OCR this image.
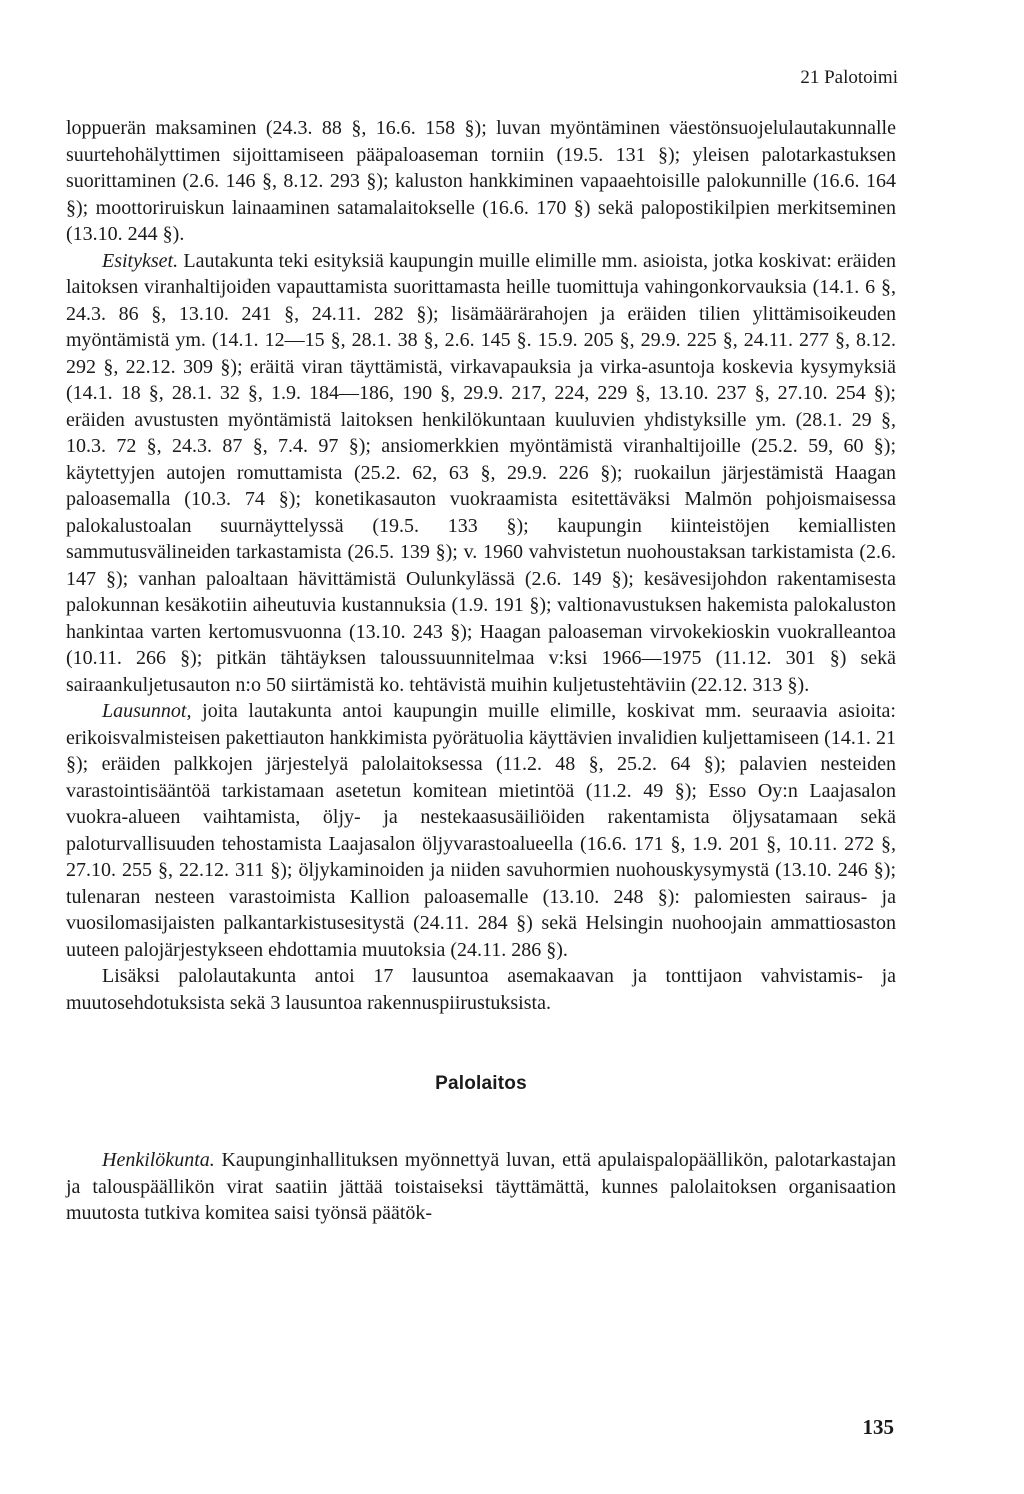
21 Palotoimi

loppuerän maksaminen (24.3. 88 §, 16.6. 158 §); luvan myöntäminen väestönsuojelulautakunnalle suurtehohälyttimen sijoittamiseen pääpaloaseman torniin (19.5. 131 §); yleisen palotarkastuksen suorittaminen (2.6. 146 §, 8.12. 293 §); kaluston hankkiminen vapaaehtoisille palokunnille (16.6. 164 §); moottoriruiskun lainaaminen satamalaitokselle (16.6. 170 §) sekä palopostikilpien merkitseminen (13.10. 244 §).

Esitykset. Lautakunta teki esityksiä kaupungin muille elimille mm. asioista, jotka koskivat: eräiden laitoksen viranhaltijoiden vapauttamista suorittamasta heille tuomittuja vahingonkorvauksia (14.1. 6 §, 24.3. 86 §, 13.10. 241 §, 24.11. 282 §); lisämäärärahojen ja eräiden tilien ylittämisoikeuden myöntämistä ym. (14.1. 12—15 §, 28.1. 38 §, 2.6. 145 §. 15.9. 205 §, 29.9. 225 §, 24.11. 277 §, 8.12. 292 §, 22.12. 309 §); eräitä viran täyttämistä, virkavapauksia ja virka-asuntoja koskevia kysymyksiä (14.1. 18 §, 28.1. 32 §, 1.9. 184—186, 190 §, 29.9. 217, 224, 229 §, 13.10. 237 §, 27.10. 254 §); eräiden avustusten myöntämistä laitoksen henkilökuntaan kuuluvien yhdistyksille ym. (28.1. 29 §, 10.3. 72 §, 24.3. 87 §, 7.4. 97 §); ansiomerkkien myöntämistä viranhaltijoille (25.2. 59, 60 §); käytettyjen autojen romuttamista (25.2. 62, 63 §, 29.9. 226 §); ruokailun järjestämistä Haagan paloasemalla (10.3. 74 §); konetikasauton vuokraamista esitettäväksi Malmön pohjoismaisessa palokalustoalan suurnäyttelyssä (19.5. 133 §); kaupungin kiinteistöjen kemiallisten sammutusvälineiden tarkastamista (26.5. 139 §); v. 1960 vahvistetun nuohoustaksan tarkistamista (2.6. 147 §); vanhan paloaltaan hävittämistä Oulunkylässä (2.6. 149 §); kesävesijohdon rakentamisesta palokunnan kesäkotiin aiheutuvia kustannuksia (1.9. 191 §); valtionavustuksen hakemista palokaluston hankintaa varten kertomusvuonna (13.10. 243 §); Haagan paloaseman virvokekioskin vuokralleantoa (10.11. 266 §); pitkän tähtäyksen taloussuunnitelmaa v:ksi 1966—1975 (11.12. 301 §) sekä sairaankuljetusauton n:o 50 siirtämistä ko. tehtävistä muihin kuljetustehtäviin (22.12. 313 §).

Lausunnot, joita lautakunta antoi kaupungin muille elimille, koskivat mm. seuraavia asioita: erikoisvalmisteisen pakettiauton hankkimista pyörätuolia käyttävien invalidien kuljettamiseen (14.1. 21 §); eräiden palkkojen järjestelyä palolaitoksessa (11.2. 48 §, 25.2. 64 §); palavien nesteiden varastointisääntöä tarkistamaan asetetun komitean mietintöä (11.2. 49 §); Esso Oy:n Laajasalon vuokra-alueen vaihtamista, öljy- ja nestekaasusäiliöiden rakentamista öljysatamaan sekä paloturvallisuuden tehostamista Laajasalon öljyvarastoalueella (16.6. 171 §, 1.9. 201 §, 10.11. 272 §, 27.10. 255 §, 22.12. 311 §); öljykaminoiden ja niiden savuhormien nuohouskysymystä (13.10. 246 §); tulenaran nesteen varastoimista Kallion paloasemalle (13.10. 248 §): palomiesten sairaus- ja vuosilomasijaisten palkantarkistusesitystä (24.11. 284 §) sekä Helsingin nuohoojain ammattiosaston uuteen palojärjestykseen ehdottamia muutoksia (24.11. 286 §).

Lisäksi palolautakunta antoi 17 lausuntoa asemakaavan ja tonttijaon vahvistamis- ja muutosehdotuksista sekä 3 lausuntoa rakennuspiirustuksista.

Palolaitos

Henkilökunta. Kaupunginhallituksen myönnettyä luvan, että apulaispalopäällikön, palotarkastajan ja talouspäällikön virat saatiin jättää toistaiseksi täyttämättä, kunnes palolaitoksen organisaation muutosta tutkiva komitea saisi työnsä päätök-

135
